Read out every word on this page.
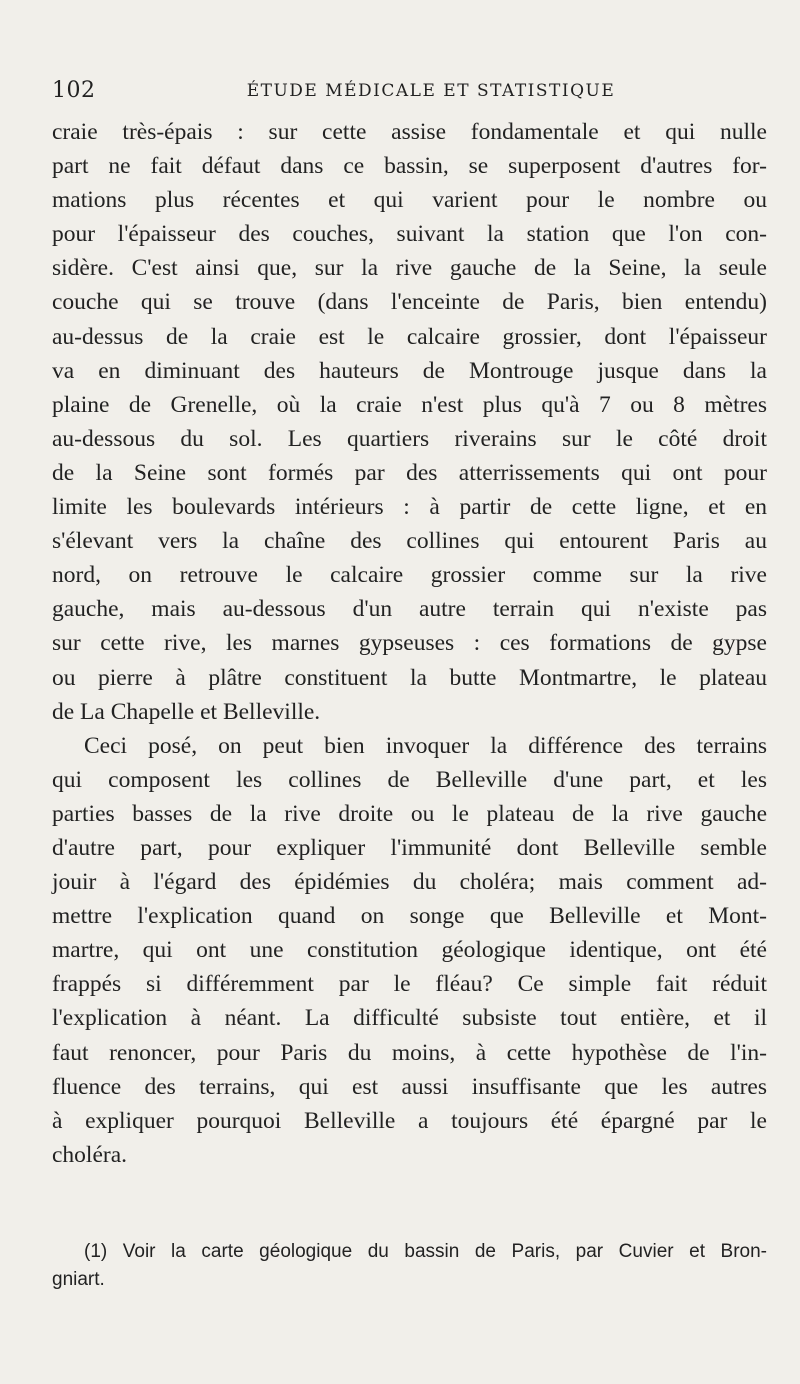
102	ÉTUDE MÉDICALE ET STATISTIQUE
craie très-épais : sur cette assise fondamentale et qui nulle
part ne fait défaut dans ce bassin, se superposent d'autres for-
mations plus récentes et qui varient pour le nombre ou
pour l'épaisseur des couches, suivant la station que l'on con-
sidère. C'est ainsi que, sur la rive gauche de la Seine, la seule
couche qui se trouve (dans l'enceinte de Paris, bien entendu)
au-dessus de la craie est le calcaire grossier, dont l'épaisseur
va en diminuant des hauteurs de Montrouge jusque dans la
plaine de Grenelle, où la craie n'est plus qu'à 7 ou 8 mètres
au-dessous du sol. Les quartiers riverains sur le côté droit
de la Seine sont formés par des atterrissements qui ont pour
limite les boulevards intérieurs : à partir de cette ligne, et en
s'élevant vers la chaîne des collines qui entourent Paris au
nord, on retrouve le calcaire grossier comme sur la rive
gauche, mais au-dessous d'un autre terrain qui n'existe pas
sur cette rive, les marnes gypseuses : ces formations de gypse
ou pierre à plâtre constituent la butte Montmartre, le plateau
de La Chapelle et Belleville.
Ceci posé, on peut bien invoquer la différence des terrains
qui composent les collines de Belleville d'une part, et les
parties basses de la rive droite ou le plateau de la rive gauche
d'autre part, pour expliquer l'immunité dont Belleville semble
jouir à l'égard des épidémies du choléra; mais comment ad-
mettre l'explication quand on songe que Belleville et Mont-
martre, qui ont une constitution géologique identique, ont été
frappés si différemment par le fléau? Ce simple fait réduit
l'explication à néant. La difficulté subsiste tout entière, et il
faut renoncer, pour Paris du moins, à cette hypothèse de l'in-
fluence des terrains, qui est aussi insuffisante que les autres
à expliquer pourquoi Belleville a toujours été épargné par le
choléra.
(1) Voir la carte géologique du bassin de Paris, par Cuvier et Bron-
gniart.
